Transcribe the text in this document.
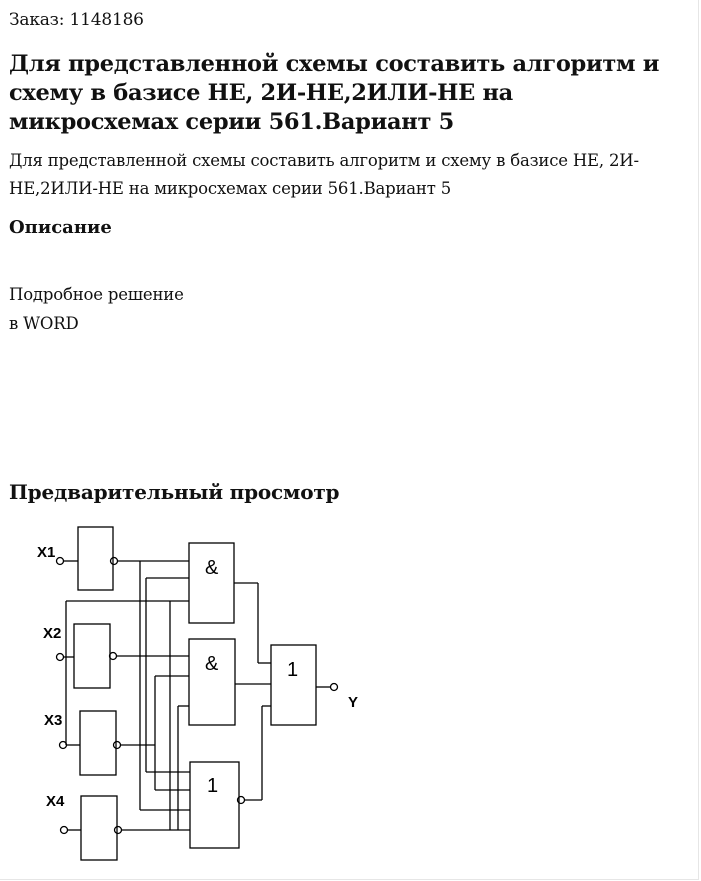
Заказ: 1148186
Для представленной схемы составить алгоритм и схему в базисе НЕ, 2И-НЕ,2ИЛИ-НЕ на микросхемах серии 561.Вариант 5

Для представленной схемы составить алгоритм и схему в базисе НЕ, 2И-НЕ,2ИЛИ-НЕ на микросхемах серии 561.Вариант 5

Описание
Подробное решение
в WORD
Предварительный просмотр
X1
X2
X3
X4
Y
&
&	1
1
